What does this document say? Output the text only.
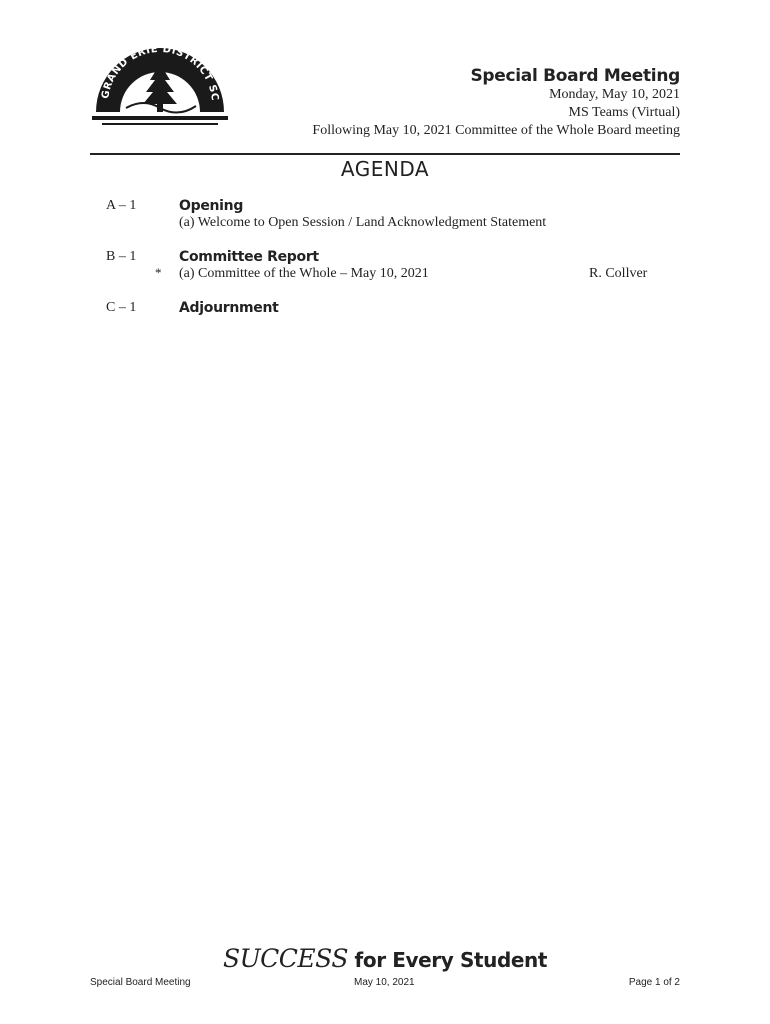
GRAND ERIE DISTRICT SC
Special Board Meeting
Monday, May 10, 2021
MS Teams (Virtual)
Following May 10, 2021 Committee of the Whole Board meeting
AGENDA
A – 1	Opening
(a) Welcome to Open Session / Land Acknowledgment Statement
B – 1	Committee Report
* (a) Committee of the Whole – May 10, 2021	R. Collver
C – 1	Adjournment
SUCCESS for Every Student
Special Board Meeting	May 10, 2021	Page 1 of 2
